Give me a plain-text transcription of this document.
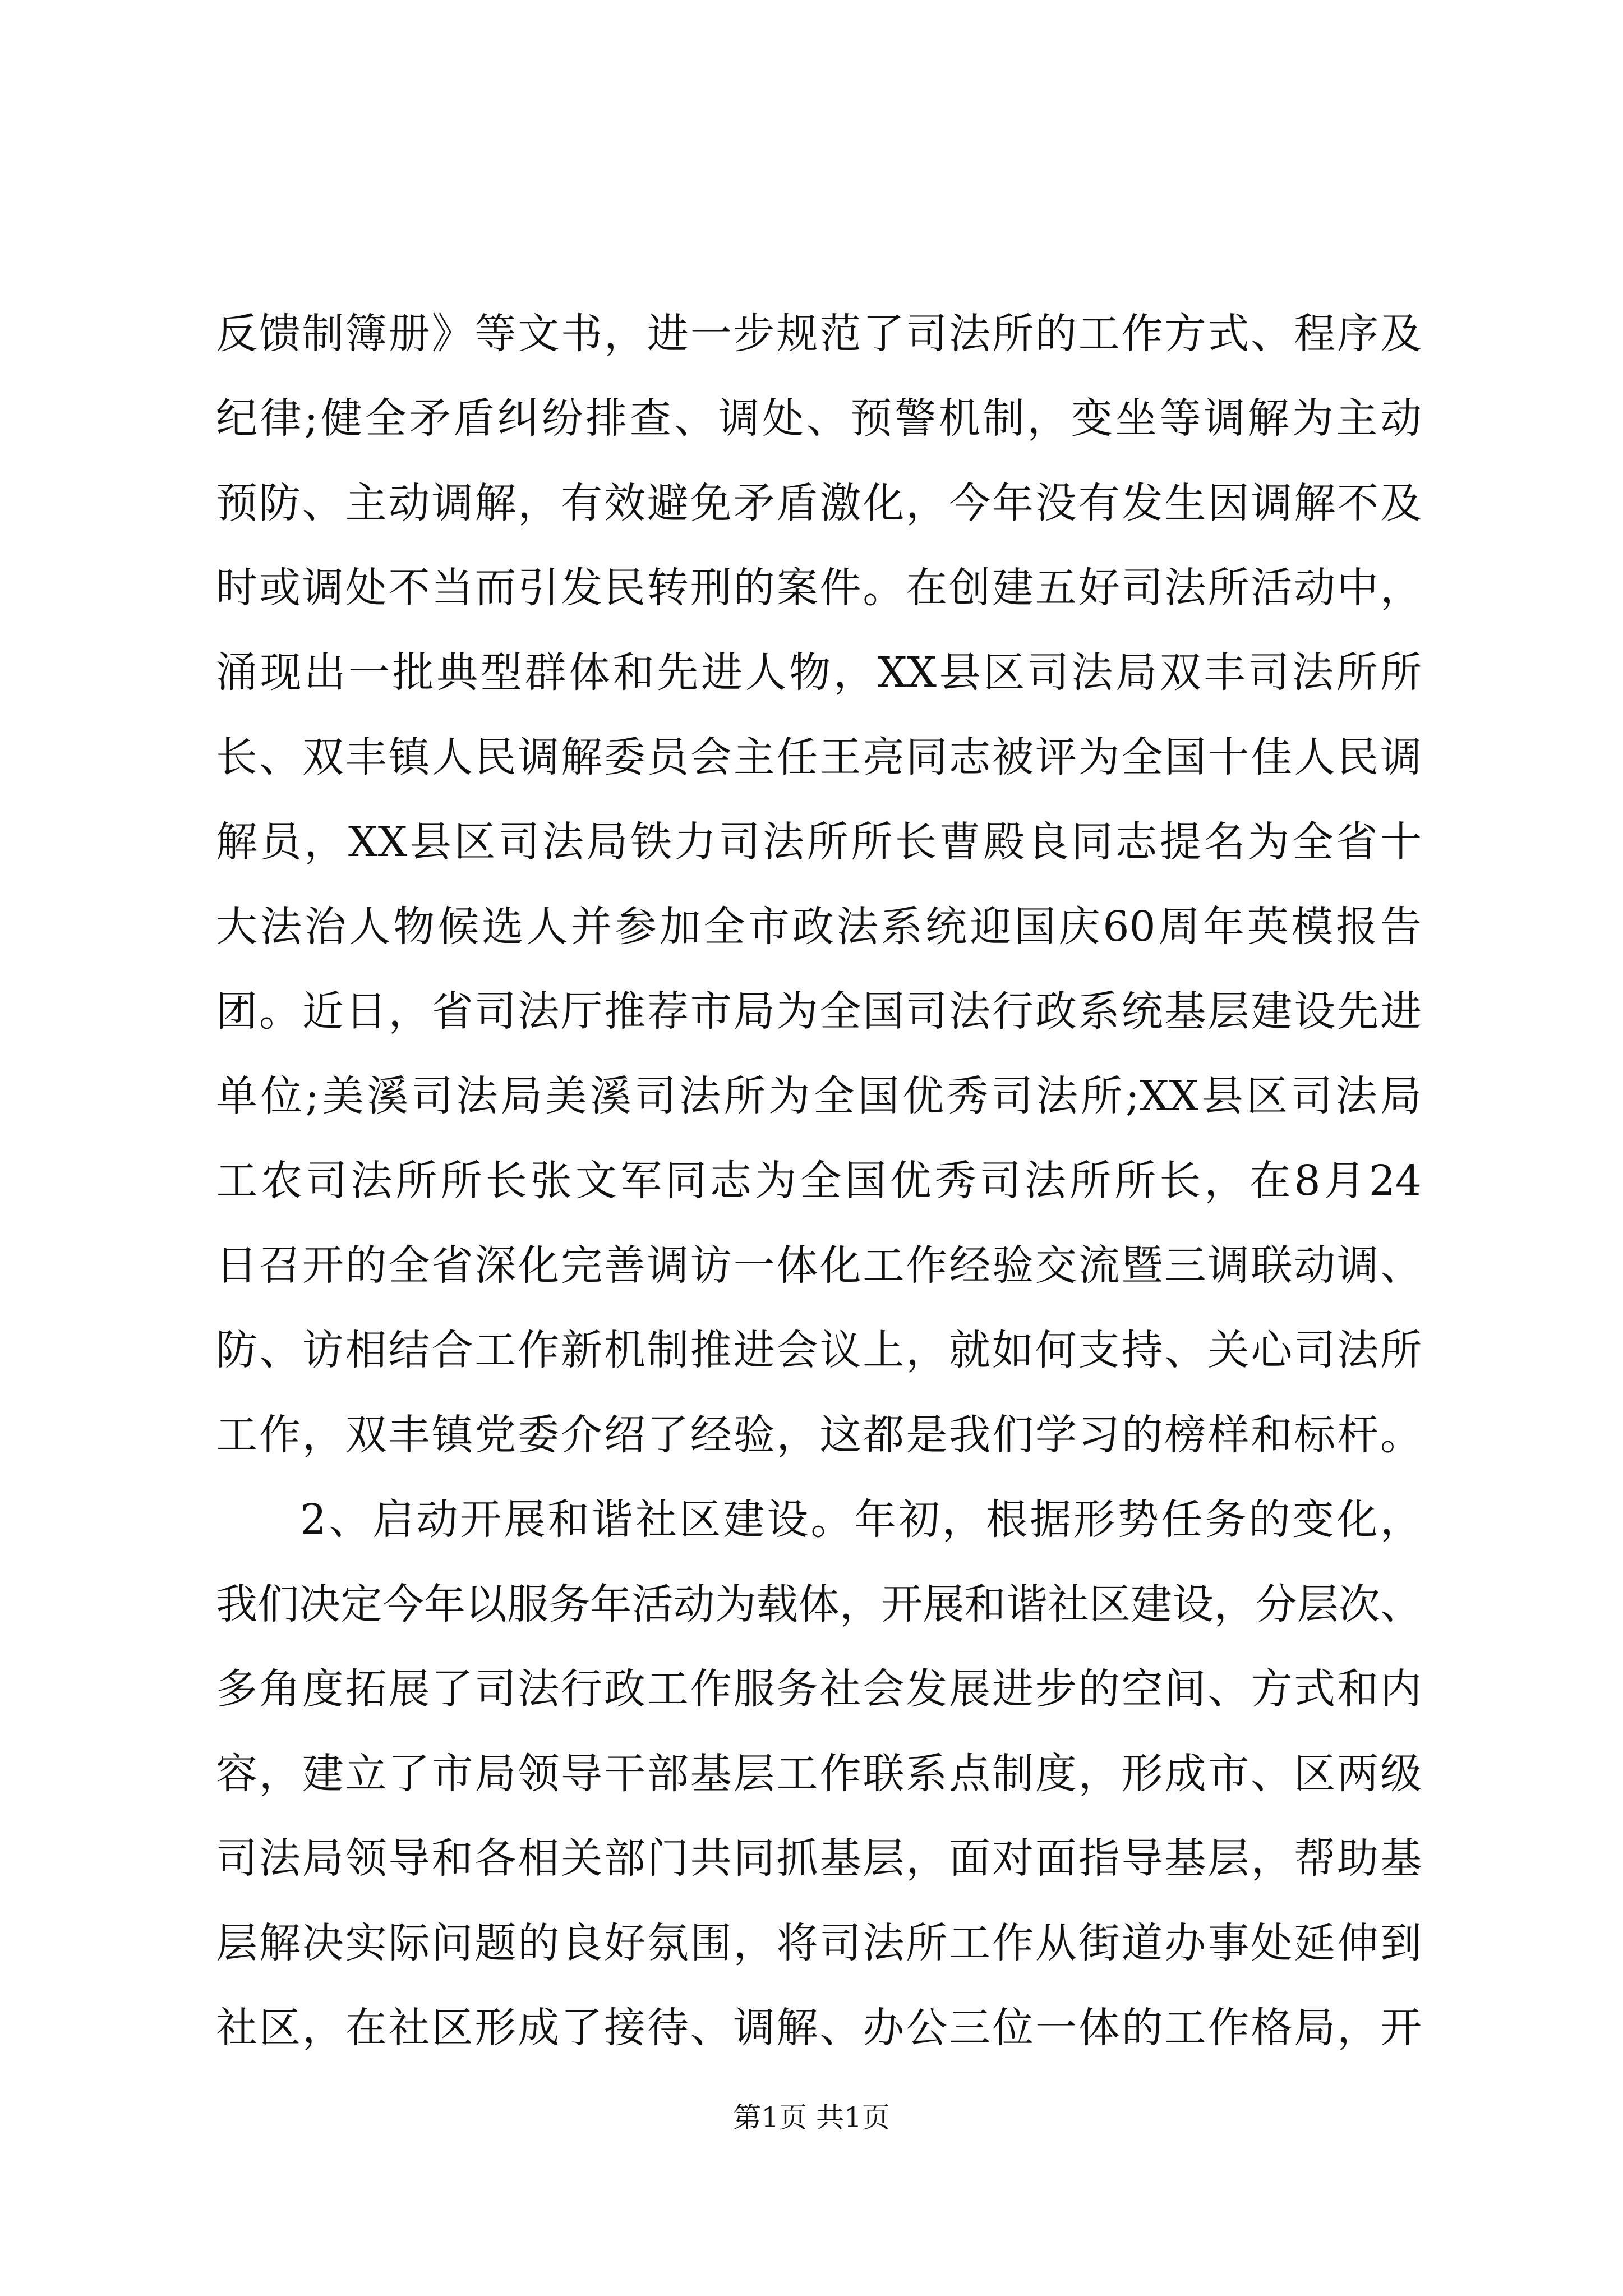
反馈制簿册》等文书，进一步规范了司法所的工作方式、程序及
纪律;健全矛盾纠纷排查、调处、预警机制，变坐等调解为主动
预防、主动调解，有效避免矛盾激化，今年没有发生因调解不及
时或调处不当而引发民转刑的案件。在创建五好司法所活动中，
涌现出一批典型群体和先进人物，XX县区司法局双丰司法所所
长、双丰镇人民调解委员会主任王亮同志被评为全国十佳人民调
解员，XX县区司法局铁力司法所所长曹殿良同志提名为全省十
大法治人物候选人并参加全市政法系统迎国庆60周年英模报告
团。近日，省司法厅推荐市局为全国司法行政系统基层建设先进
单位;美溪司法局美溪司法所为全国优秀司法所;XX县区司法局
工农司法所所长张文军同志为全国优秀司法所所长，在8月24
日召开的全省深化完善调访一体化工作经验交流暨三调联动调、
防、访相结合工作新机制推进会议上，就如何支持、关心司法所
工作，双丰镇党委介绍了经验，这都是我们学习的榜样和标杆。
2、启动开展和谐社区建设。年初，根据形势任务的变化，
我们决定今年以服务年活动为载体，开展和谐社区建设，分层次、
多角度拓展了司法行政工作服务社会发展进步的空间、方式和内
容，建立了市局领导干部基层工作联系点制度，形成市、区两级
司法局领导和各相关部门共同抓基层，面对面指导基层，帮助基
层解决实际问题的良好氛围，将司法所工作从街道办事处延伸到
社区，在社区形成了接待、调解、办公三位一体的工作格局，开
第1页 共1页
